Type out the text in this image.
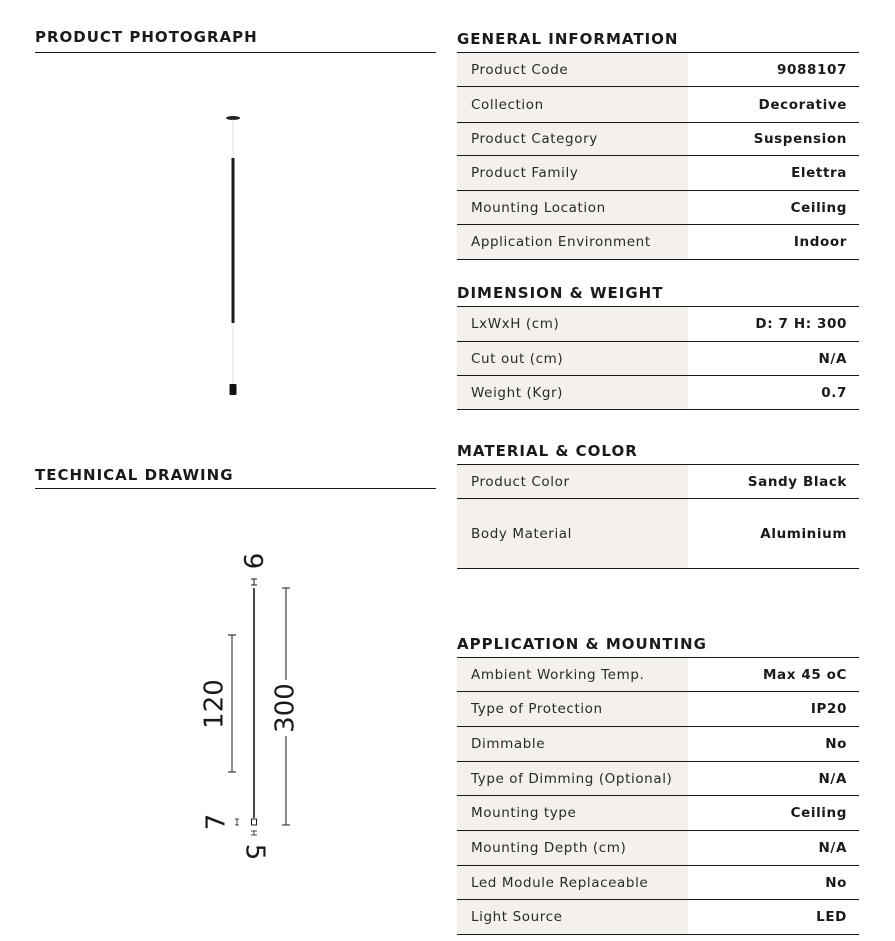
PRODUCT PHOTOGRAPH
TECHNICAL DRAWING
9
120 300
7
5
GENERAL INFORMATION
Product Code	9088107
Collection	Decorative
Product Category	Suspension
Product Family	Elettra
Mounting Location	Ceiling
Application Environment	Indoor
DIMENSION & WEIGHT
LxWxH (cm)	D: 7 H: 300
Cut out (cm)	N/A
Weight (Kgr)	0.7
MATERIAL & COLOR
Product Color	Sandy Black
Body Material	Aluminium
APPLICATION & MOUNTING
Ambient Working Temp.	Max 45 oC
Type of Protection	IP20
Dimmable	No
Type of Dimming (Optional)	N/A
Mounting type	Ceiling
Mounting Depth (cm)	N/A
Led Module Replaceable	No
Light Source	LED
